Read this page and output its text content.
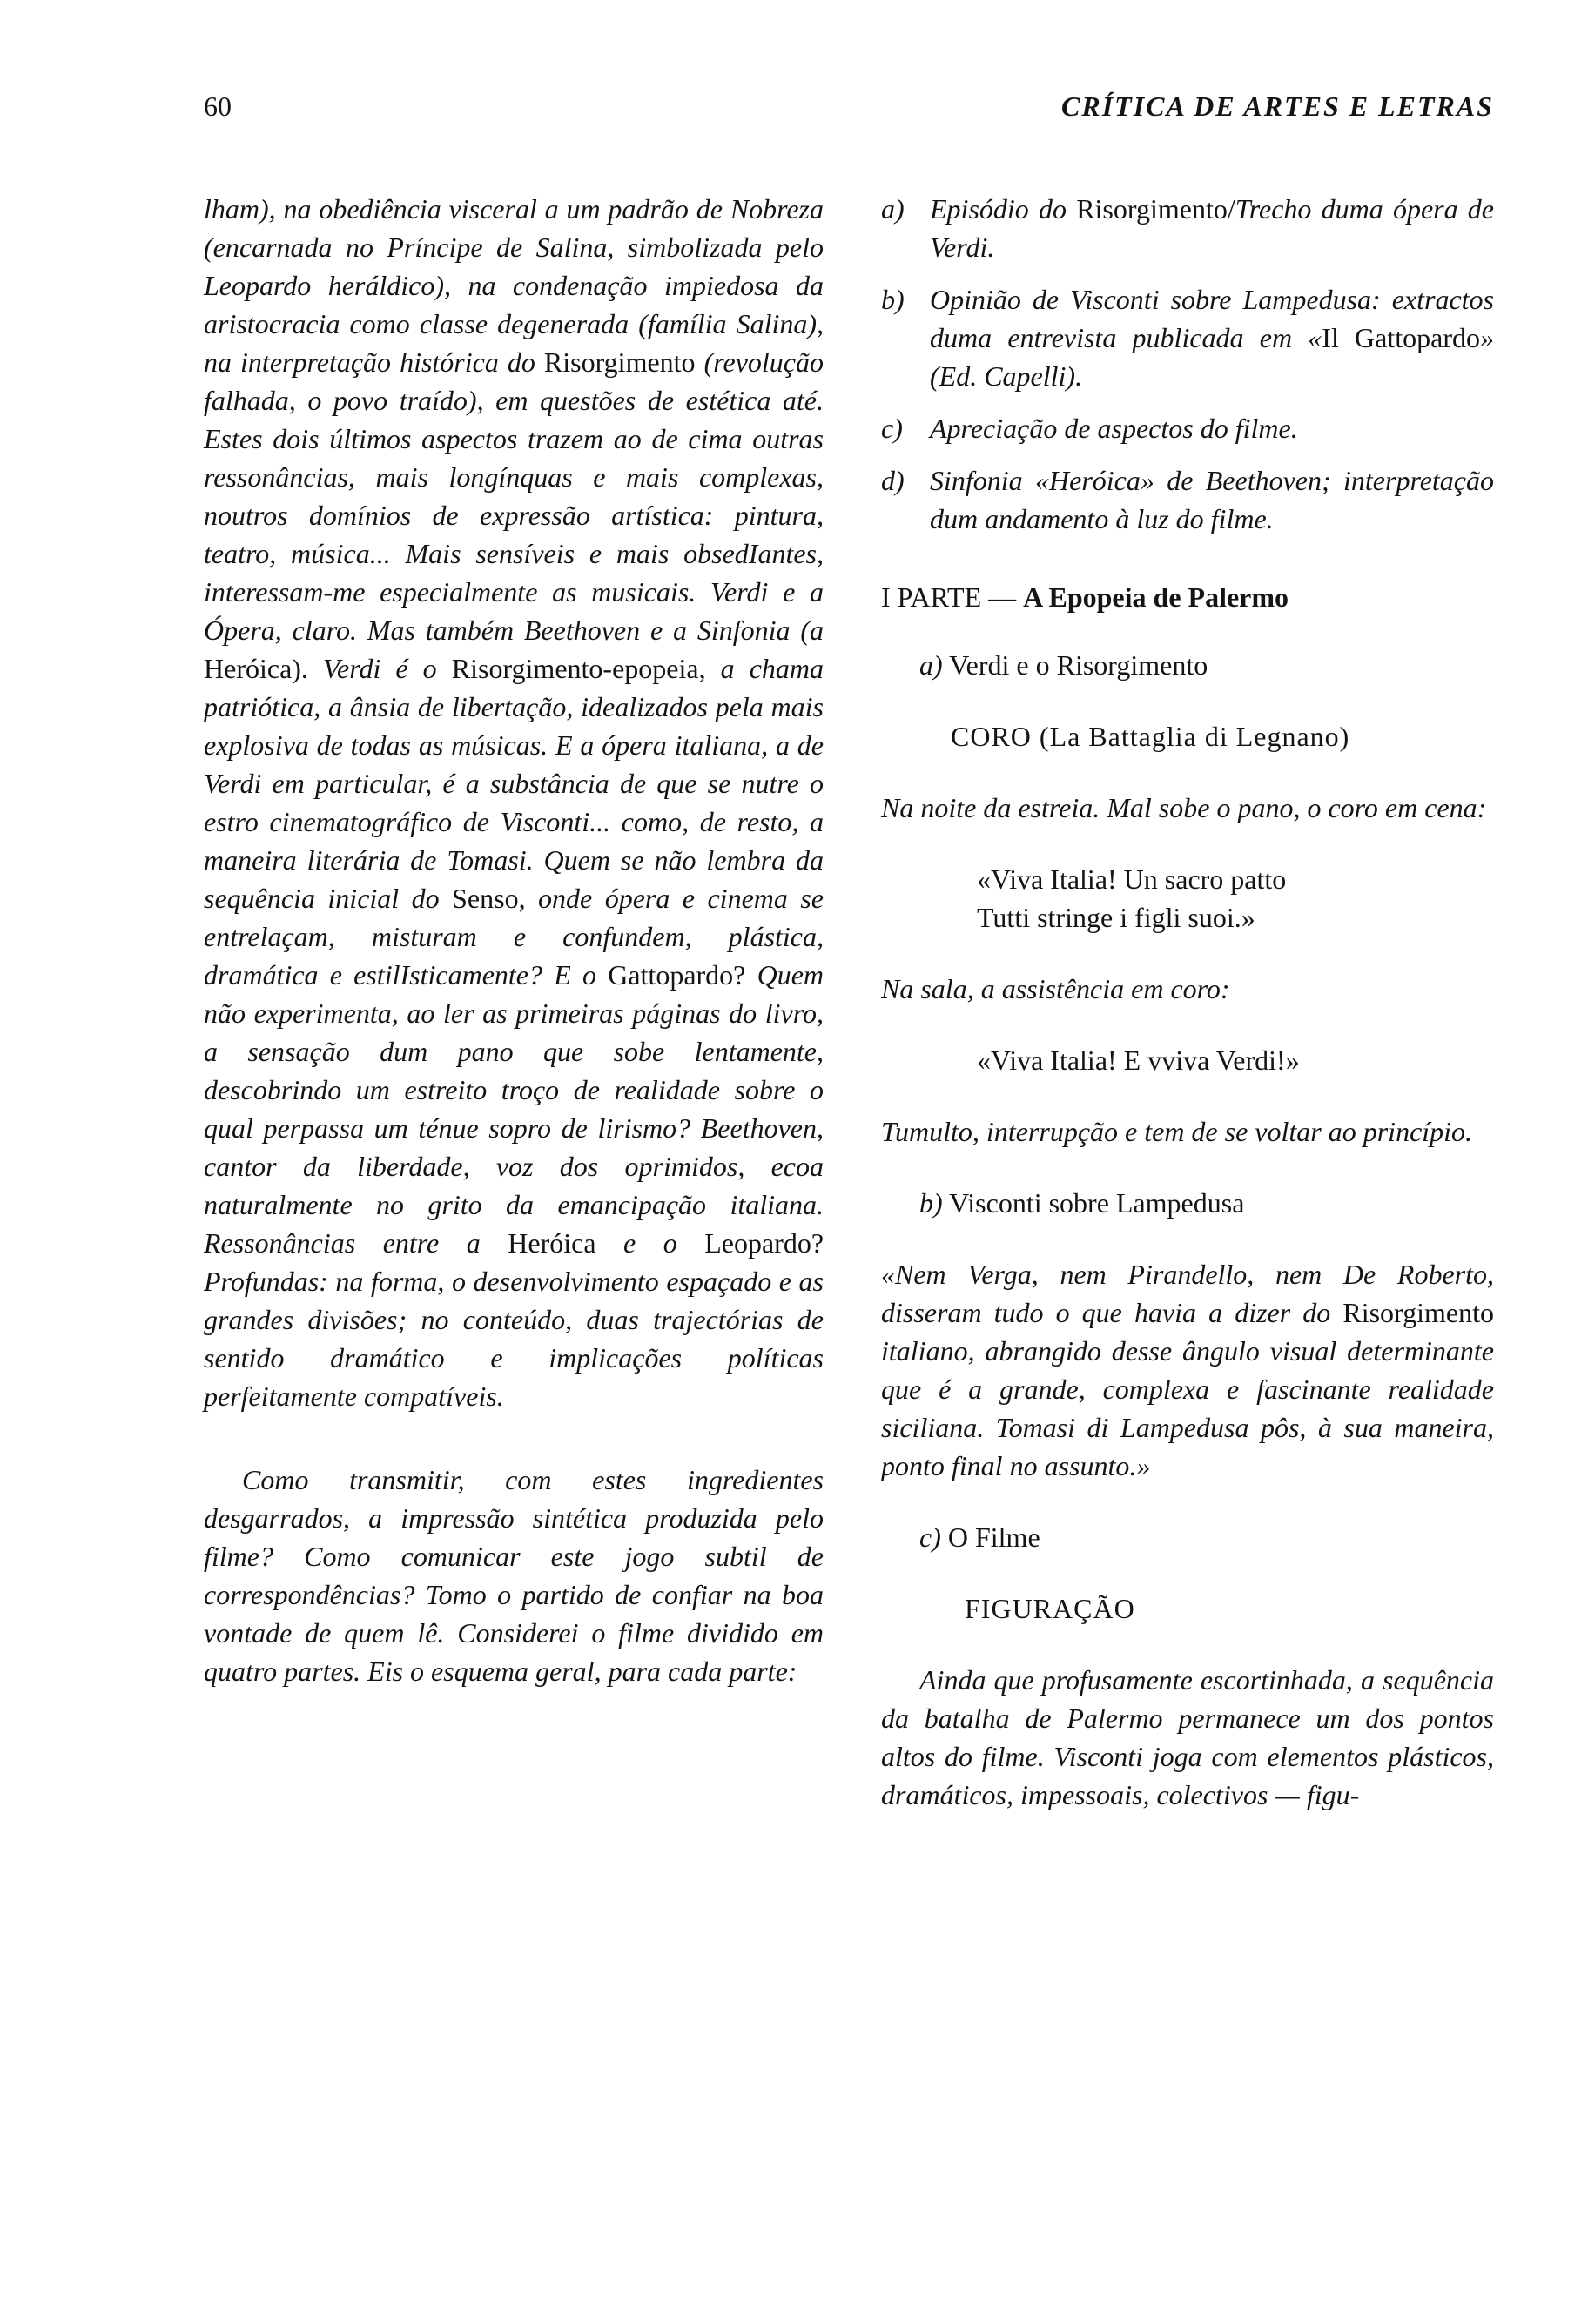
60	CRÍTICA DE ARTES E LETRAS

lham), na obediência visceral a um padrão de Nobreza (encarnada no Príncipe de Salina, simbolizada pelo Leopardo heráldico), na condenação impiedosa da aristocracia como classe degenerada (família Salina), na interpretação histórica do Risorgimento (revolução falhada, o povo traído), em questões de estética até. Estes dois últimos aspectos trazem ao de cima outras ressonâncias, mais longínquas e mais complexas, noutros domínios de expressão artística: pintura, teatro, música... Mais sensíveis e mais obsedIantes, interessam-me especialmente as musicais. Verdi e a Ópera, claro. Mas também Beethoven e a Sinfonia (a Heróica). Verdi é o Risorgimento-epopeia, a chama patriótica, a ânsia de libertação, idealizados pela mais explosiva de todas as músicas. E a ópera italiana, a de Verdi em particular, é a substância de que se nutre o estro cinematográfico de Visconti... como, de resto, a maneira literária de Tomasi. Quem se não lembra da sequência inicial do Senso, onde ópera e cinema se entrelaçam, misturam e confundem, plástica, dramática e estilIsticamente? E o Gattopardo? Quem não experimenta, ao ler as primeiras páginas do livro, a sensação dum pano que sobe lentamente, descobrindo um estreito troço de realidade sobre o qual perpassa um ténue sopro de lirismo? Beethoven, cantor da liberdade, voz dos oprimidos, ecoa naturalmente no grito da emancipação italiana. Ressonâncias entre a Heróica e o Leopardo? Profundas: na forma, o desenvolvimento espaçado e as grandes divisões; no conteúdo, duas trajectórias de sentido dramático e implicações políticas perfeitamente compatíveis.

Como transmitir, com estes ingredientes desgarrados, a impressão sintética produzida pelo filme? Como comunicar este jogo subtil de correspondências? Tomo o partido de confiar na boa vontade de quem lê. Considerei o filme dividido em quatro partes. Eis o esquema geral, para cada parte:

a) Episódio do Risorgimento/Trecho duma ópera de Verdi.
b) Opinião de Visconti sobre Lampedusa: extractos duma entrevista publicada em «Il Gattopardo» (Ed. Capelli).
c) Apreciação de aspectos do filme.
d) Sinfonia «Heróica» de Beethoven; interpretação dum andamento à luz do filme.

I PARTE — A Epopeia de Palermo

a) Verdi e o Risorgimento

CORO (La Battaglia di Legnano)

Na noite da estreia. Mal sobe o pano, o coro em cena:

«Viva Italia! Un sacro patto
Tutti stringe i figli suoi.»

Na sala, a assistência em coro:

«Viva Italia! E vviva Verdi!»

Tumulto, interrupção e tem de se voltar ao princípio.

b) Visconti sobre Lampedusa

«Nem Verga, nem Pirandello, nem De Roberto, disseram tudo o que havia a dizer do Risorgimento italiano, abrangido desse ângulo visual determinante que é a grande, complexa e fascinante realidade siciliana. Tomasi di Lampedusa pôs, à sua maneira, ponto final no assunto.»

c) O Filme

FIGURAÇÃO

Ainda que profusamente escortinhada, a sequência da batalha de Palermo permanece um dos pontos altos do filme. Visconti joga com elementos plásticos, dramáticos, impessoais, colectivos — figu-
